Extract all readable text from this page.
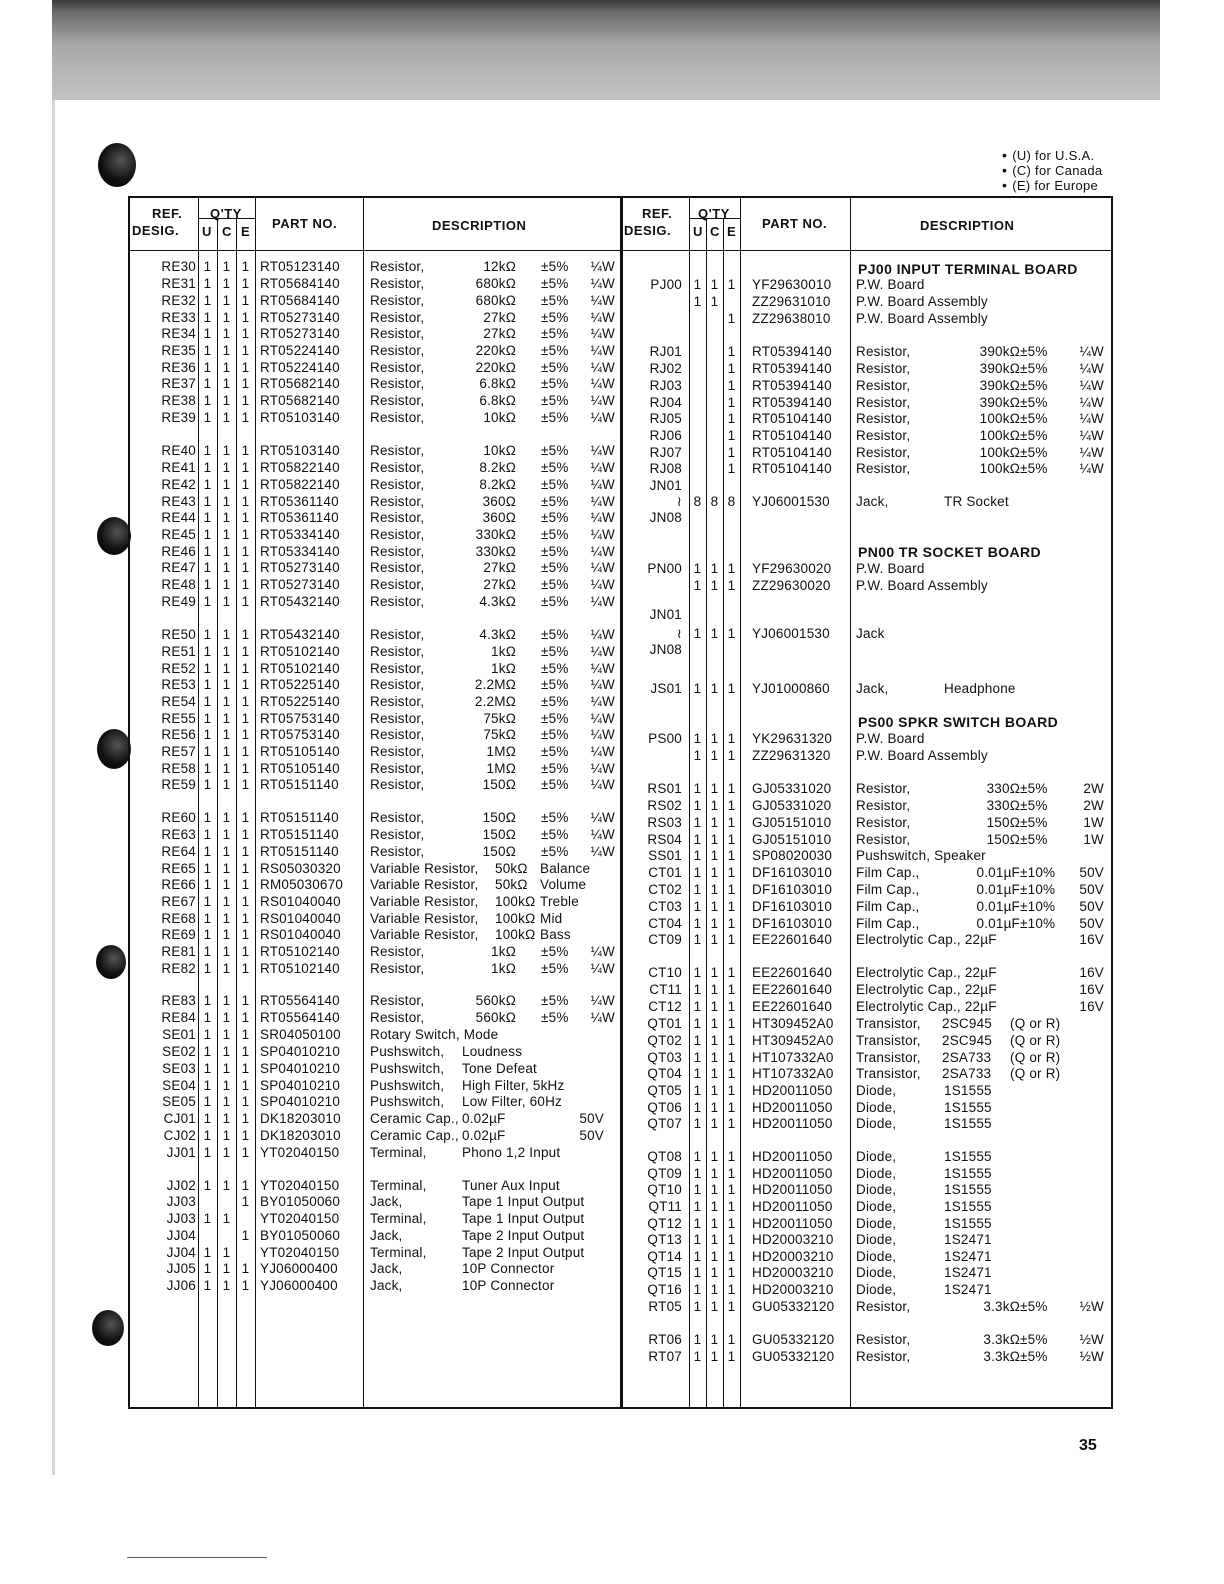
• (U) for U.S.A.
• (C) for Canada
• (E) for Europe
REF.
DESIG.
Q'TY
U C E
PART NO.	DESCRIPTION
RE30 1 1 1 RT05123140 Resistor,	12kΩ ±5%	¼W
RE31 1 1 1 RT05684140 Resistor,	680kΩ ±5%	¼W
RE32 1 1 1 RT05684140 Resistor,	680kΩ ±5%	¼W
RE33 1 1 1 RT05273140 Resistor,	27kΩ ±5%	¼W
RE34 1 1 1 RT05273140 Resistor,	27kΩ ±5%	¼W
RE35 1 1 1 RT05224140 Resistor,	220kΩ ±5%	¼W
RE36 1 1 1 RT05224140 Resistor,	220kΩ ±5%	¼W
RE37 1 1 1 RT05682140 Resistor,	6.8kΩ ±5%	¼W
RE38 1 1 1 RT05682140 Resistor,	6.8kΩ ±5%	¼W
RE39 1 1 1 RT05103140 Resistor,	10kΩ ±5%	¼W
RE40 1 1 1 RT05103140 Resistor,	10kΩ ±5%	¼W
RE41 1 1 1 RT05822140 Resistor,	8.2kΩ ±5%	¼W
RE42 1 1 1 RT05822140 Resistor,	8.2kΩ ±5%	¼W
RE43 1 1 1 RT05361140 Resistor,	360Ω ±5%	¼W
RE44 1 1 1 RT05361140 Resistor,	360Ω ±5%	¼W
RE45 1 1 1 RT05334140 Resistor,	330kΩ ±5%	¼W
RE46 1 1 1 RT05334140 Resistor,	330kΩ ±5%	¼W
RE47 1 1 1 RT05273140 Resistor,	27kΩ ±5%	¼W
RE48 1 1 1 RT05273140 Resistor,	27kΩ ±5%	¼W
RE49 1 1 1 RT05432140 Resistor,	4.3kΩ ±5%	¼W
RE50 1 1 1 RT05432140 Resistor,	4.3kΩ ±5%	¼W
RE51 1 1 1 RT05102140 Resistor,	1kΩ ±5%	¼W
RE52 1 1 1 RT05102140 Resistor,	1kΩ ±5%	¼W
RE53 1 1 1 RT05225140 Resistor,	2.2MΩ ±5%	¼W
RE54 1 1 1 RT05225140 Resistor,	2.2MΩ ±5%	¼W
RE55 1 1 1 RT05753140 Resistor,	75kΩ ±5%	¼W
RE56 1 1 1 RT05753140 Resistor,	75kΩ ±5%	¼W
RE57 1 1 1 RT05105140 Resistor,	1MΩ ±5%	¼W
RE58 1 1 1 RT05105140 Resistor,	1MΩ ±5%	¼W
RE59 1 1 1 RT05151140 Resistor,	150Ω ±5%	¼W
RE60 1 1 1 RT05151140 Resistor,	150Ω ±5%	¼W
RE63 1 1 1 RT05151140 Resistor,	150Ω ±5%	¼W
RE64 1 1 1 RT05151140 Resistor,	150Ω ±5%	¼W
RE65 1 1 1 RS05030320 Variable Resistor, 50kΩ Balance
RE66 1 1 1 RM05030670 Variable Resistor, 50kΩ Volume
RE67 1 1 1 RS01040040 Variable Resistor, 100kΩ Treble
RE68 1 1 1 RS01040040 Variable Resistor, 100kΩ Mid
RE69 1 1 1 RS01040040 Variable Resistor, 100kΩ Bass
RE81 1 1 1 RT05102140 Resistor,	1kΩ ±5%	¼W
RE82 1 1 1 RT05102140 Resistor,	1kΩ ±5%	¼W
RE83 1 1 1 RT05564140 Resistor,	560kΩ ±5%	¼W
RE84 1 1 1 RT05564140 Resistor,	560kΩ ±5%	¼W
SE01 1 1 1 SR04050100 Rotary Switch, Mode
SE02 1 1 1 SP04010210 Pushswitch, Loudness
SE03 1 1 1 SP04010210 Pushswitch, Tone Defeat
SE04 1 1 1 SP04010210 Pushswitch, High Filter, 5kHz
SE05 1 1 1 SP04010210 Pushswitch, Low Filter, 60Hz
CJ01 1 1 1 DK18203010 Ceramic Cap., 0.02µF	50V
CJ02 1 1 1 DK18203010 Ceramic Cap., 0.02µF	50V
JJ01 1 1 1 YT02040150 Terminal,	Phono 1,2 Input
JJ02 1 1 1 YT02040150 Terminal,	Tuner Aux Input
JJ03	1 BY01050060 Jack,	Tape 1 Input Output
JJ03 1 1	YT02040150 Terminal,	Tape 1 Input Output
JJ04	1 BY01050060 Jack,	Tape 2 Input Output
JJ04 1 1	YT02040150 Terminal,	Tape 2 Input Output
JJ05 1 1 1 YJ06000400 Jack,	10P Connector
JJ06 1 1 1 YJ06000400 Jack,	10P Connector
REF.
DESIG.
Q'TY
U C E
PART NO.	DESCRIPTION
PJ00 INPUT TERMINAL BOARD
PN00 TR SOCKET BOARD
PS00 SPKR SWITCH BOARD
PJ00 1 1 1	YF29630010 P.W. Board
1 1	ZZ29631010 P.W. Board Assembly
1	ZZ29638010 P.W. Board Assembly
RJ01	1	RT05394140 Resistor,	390kΩ ±5%	¼W
RJ02	1	RT05394140 Resistor,	390kΩ ±5%	¼W
RJ03	1	RT05394140 Resistor,	390kΩ ±5%	¼W
RJ04	1	RT05394140 Resistor,	390kΩ ±5%	¼W
RJ05	1	RT05104140 Resistor,	100kΩ ±5%	¼W
RJ06	1	RT05104140 Resistor,	100kΩ ±5%	¼W
RJ07	1	RT05104140 Resistor,	100kΩ ±5%	¼W
RJ08	1	RT05104140 Resistor,	100kΩ ±5%	¼W
JN01
≀ 8 8 8	YJ06001530 Jack,	TR Socket
JN08
PN00 1 1 1	YF29630020 P.W. Board
1 1 1	ZZ29630020 P.W. Board Assembly
JN01
≀ 1 1 1	YJ06001530 Jack
JN08
JS01 1 1 1	YJ01000860 Jack,	Headphone
PS00 1 1 1	YK29631320 P.W. Board
1 1 1	ZZ29631320 P.W. Board Assembly
RS01 1 1 1	GJ05331020 Resistor,	330Ω ±5%	2W
RS02 1 1 1	GJ05331020 Resistor,	330Ω ±5%	2W
RS03 1 1 1	GJ05151010 Resistor,	150Ω ±5%	1W
RS04 1 1 1	GJ05151010 Resistor,	150Ω ±5%	1W
SS01 1 1 1	SP08020030 Pushswitch, Speaker
CT01 1 1 1	DF16103010 Film Cap.,	0.01µF ±10%	50V
CT02 1 1 1	DF16103010 Film Cap.,	0.01µF ±10%	50V
CT03 1 1 1	DF16103010 Film Cap.,	0.01µF ±10%	50V
CT04 1 1 1	DF16103010 Film Cap.,	0.01µF ±10%	50V
CT09 1 1 1	EE22601640 Electrolytic Cap., 22µF	16V
CT10 1 1 1	EE22601640 Electrolytic Cap., 22µF	16V
CT11 1 1 1	EE22601640 Electrolytic Cap., 22µF	16V
CT12 1 1 1	EE22601640 Electrolytic Cap., 22µF	16V
QT01 1 1 1	HT309452A0 Transistor, 2SC945 (Q or R)
QT02 1 1 1	HT309452A0 Transistor, 2SC945 (Q or R)
QT03 1 1 1	HT107332A0 Transistor, 2SA733 (Q or R)
QT04 1 1 1	HT107332A0 Transistor, 2SA733 (Q or R)
QT05 1 1 1	HD20011050 Diode,	1S1555
QT06 1 1 1	HD20011050 Diode,	1S1555
QT07 1 1 1	HD20011050 Diode,	1S1555
QT08 1 1 1	HD20011050 Diode,	1S1555
QT09 1 1 1	HD20011050 Diode,	1S1555
QT10 1 1 1	HD20011050 Diode,	1S1555
QT11 1 1 1	HD20011050 Diode,	1S1555
QT12 1 1 1	HD20011050 Diode,	1S1555
QT13 1 1 1	HD20003210 Diode,	1S2471
QT14 1 1 1	HD20003210 Diode,	1S2471
QT15 1 1 1	HD20003210 Diode,	1S2471
QT16 1 1 1	HD20003210 Diode,	1S2471
RT05 1 1 1	GU05332120 Resistor,	3.3kΩ ±5%	½W
RT06 1 1 1	GU05332120 Resistor,	3.3kΩ ±5%	½W
RT07 1 1 1	GU05332120 Resistor,	3.3kΩ ±5%	½W
35
